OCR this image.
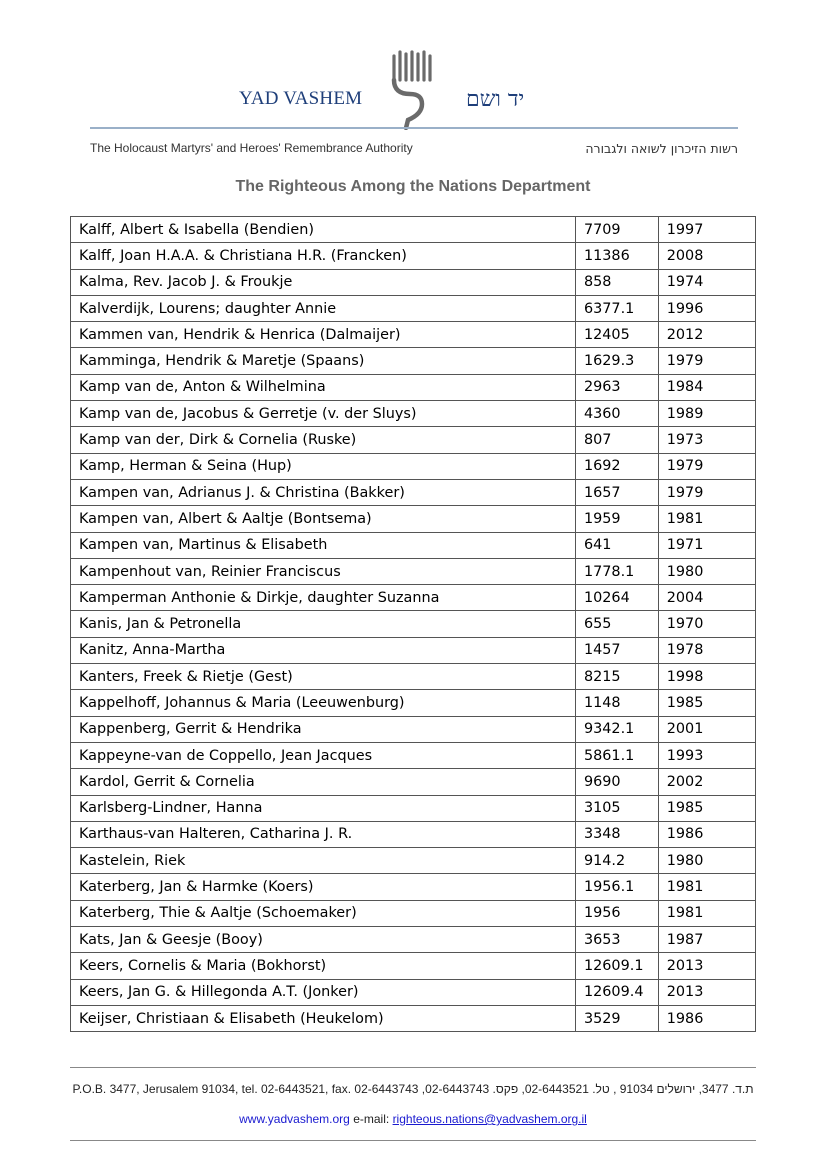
YAD VASHEM	יד ושם
The Holocaust Martyrs' and Heroes' Remembrance Authority	רשות הזיכרון לשואה ולגבורה
The Righteous Among the Nations Department
Kalff, Albert & Isabella (Bendien)	7709	1997
Kalff, Joan H.A.A. & Christiana H.R. (Francken)	11386	2008
Kalma, Rev. Jacob J. & Froukje	858	1974
Kalverdijk, Lourens; daughter Annie	6377.1	1996
Kammen van, Hendrik & Henrica (Dalmaijer)	12405	2012
Kamminga, Hendrik & Maretje (Spaans)	1629.3	1979
Kamp van de, Anton & Wilhelmina	2963	1984
Kamp van de, Jacobus & Gerretje (v. der Sluys)	4360	1989
Kamp van der, Dirk & Cornelia (Ruske)	807	1973
Kamp, Herman & Seina (Hup)	1692	1979
Kampen van, Adrianus J. & Christina (Bakker)	1657	1979
Kampen van, Albert & Aaltje (Bontsema)	1959	1981
Kampen van, Martinus & Elisabeth	641	1971
Kampenhout van, Reinier Franciscus	1778.1	1980
Kamperman Anthonie & Dirkje, daughter Suzanna	10264	2004
Kanis, Jan & Petronella	655	1970
Kanitz, Anna-Martha	1457	1978
Kanters, Freek & Rietje (Gest)	8215	1998
Kappelhoff, Johannus & Maria (Leeuwenburg)	1148	1985
Kappenberg, Gerrit & Hendrika	9342.1	2001
Kappeyne-van de Coppello, Jean Jacques	5861.1	1993
Kardol, Gerrit & Cornelia	9690	2002
Karlsberg-Lindner, Hanna	3105	1985
Karthaus-van Halteren, Catharina J. R.	3348	1986
Kastelein, Riek	914.2	1980
Katerberg, Jan & Harmke (Koers)	1956.1	1981
Katerberg, Thie & Aaltje (Schoemaker)	1956	1981
Kats, Jan & Geesje (Booy)	3653	1987
Keers, Cornelis & Maria (Bokhorst)	12609.1	2013
Keers, Jan G. & Hillegonda A.T. (Jonker)	12609.4	2013
Keijser, Christiaan & Elisabeth (Heukelom)	3529	1986
P.O.B. 3477, Jerusalem 91034, tel. 02-6443521, fax. 02-6443743 ,ת.ד. 3477, ירושלים 91034 , טל. 02-6443521, פקס. 02-6443743
www.yadvashem.org e-mail: righteous.nations@yadvashem.org.il
